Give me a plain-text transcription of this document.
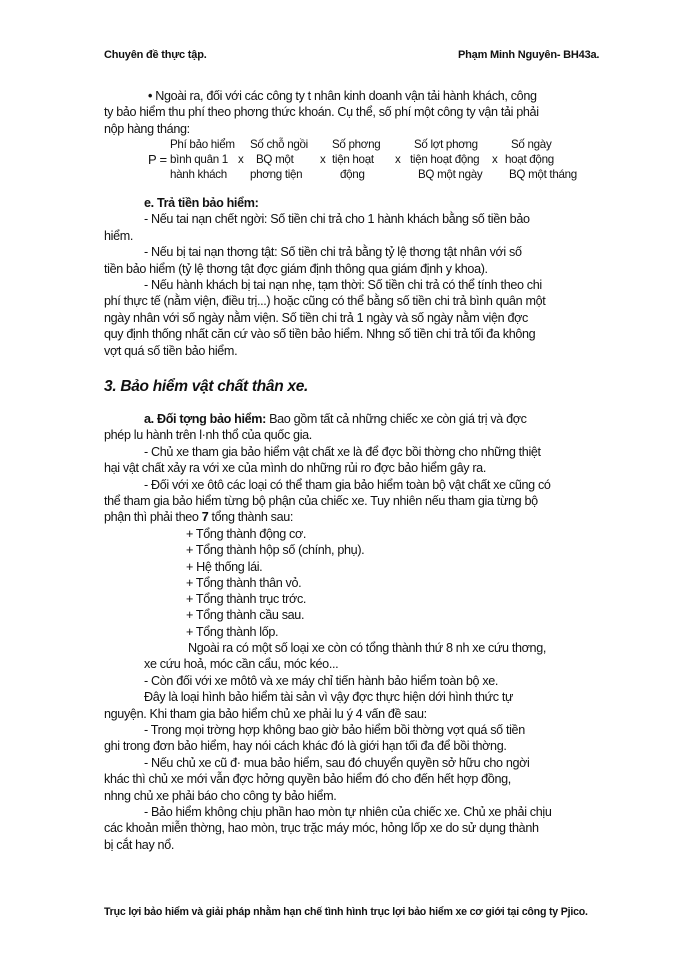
Chuyên đề thực tập.	Phạm Minh Nguyên- BH43a.
• Ngoài ra, đối với các công ty t nhân kinh doanh vận tải hành khách, công
ty bảo hiểm thu phí theo phơng thức khoán. Cụ thể, số phí một công ty vận tải phải
nộp hàng tháng:
P =
Phí bảo hiểm
bình quân 1
hành khách
x
Số chỗ ngồi
BQ một
phơng tiện
x
Số phơng
tiện hoạt
động
x
Số lợt phơng
tiện hoạt động
BQ một ngày
x
Số ngày
hoạt động
BQ một tháng
e. Trả tiền bảo hiểm:
- Nếu tai nạn chết ngời: Số tiền chi trả cho 1 hành khách bằng số tiền bảo
hiểm.
- Nếu bị tai nạn thơng tật: Số tiền chi trả bằng tỷ lệ thơng tật nhân với số
tiền bảo hiểm (tỷ lệ thơng tật đợc giám định thông qua giám định y khoa).
- Nếu hành khách bị tai nạn nhẹ, tạm thời: Số tiền chi trả có thể tính theo chi
phí thực tế (nằm viện, điều trị...) hoặc cũng có thể bằng số tiền chi trả bình quân một
ngày nhân với số ngày nằm viện. Số tiền chi trả 1 ngày và số ngày nằm viện đợc
quy định thống nhất căn cứ vào số tiền bảo hiểm. Nhng số tiền chi trả tối đa không
vợt quá số tiền bảo hiểm.
3. Bảo hiểm vật chất thân xe.
a. Đối tợng bảo hiểm: Bao gồm tất cả những chiếc xe còn giá trị và đợc
phép lu hành trên l·nh thổ của quốc gia.
- Chủ xe tham gia bảo hiểm vật chất xe là để đợc bồi thờng cho những thiệt
hại vật chất xảy ra với xe của mình do những rủi ro đợc bảo hiểm gây ra.
- Đối với xe ôtô các loại có thể tham gia bảo hiểm toàn bộ vật chất xe cũng có
thể tham gia bảo hiểm từng bộ phận của chiếc xe. Tuy nhiên nếu tham gia từng bộ
phận thì phải theo 7 tổng thành sau:
+ Tổng thành động cơ.
+ Tổng thành hộp số (chính, phụ).
+ Hệ thống lái.
+ Tổng thành thân vỏ.
+ Tổng thành trục trớc.
+ Tổng thành cầu sau.
+ Tổng thành lốp.
Ngoài ra có một số loại xe còn có tổng thành thứ 8 nh xe cứu thơng,
xe cứu hoả, móc cần cẩu, móc kéo...
- Còn đối với xe môtô và xe máy chỉ tiến hành bảo hiểm toàn bộ xe.
Đây là loại hình bảo hiểm tài sản vì vậy đợc thực hiện dới hình thức tự
nguyện. Khi tham gia bảo hiểm chủ xe phải lu ý 4 vấn đề sau:
- Trong mọi trờng hợp không bao giờ bảo hiểm bồi thờng vợt quá số tiền
ghi trong đơn bảo hiểm, hay nói cách khác đó là giới hạn tối đa để bồi thờng.
- Nếu chủ xe cũ đ· mua bảo hiểm, sau đó chuyển quyền sở hữu cho ngời
khác thì chủ xe mới vẫn đợc hởng quyền bảo hiểm đó cho đến hết hợp đồng,
nhng chủ xe phải báo cho công ty bảo hiểm.
- Bảo hiểm không chịu phần hao mòn tự nhiên của chiếc xe. Chủ xe phải chịu
các khoản miễn thờng, hao mòn, trục trặc máy móc, hỏng lốp xe do sử dụng thành
bị cắt hay nổ.
Trục lợi bảo hiểm và giải pháp nhằm hạn chế tình hình trục lợi bảo hiểm xe cơ giới tại công ty Pjico.
